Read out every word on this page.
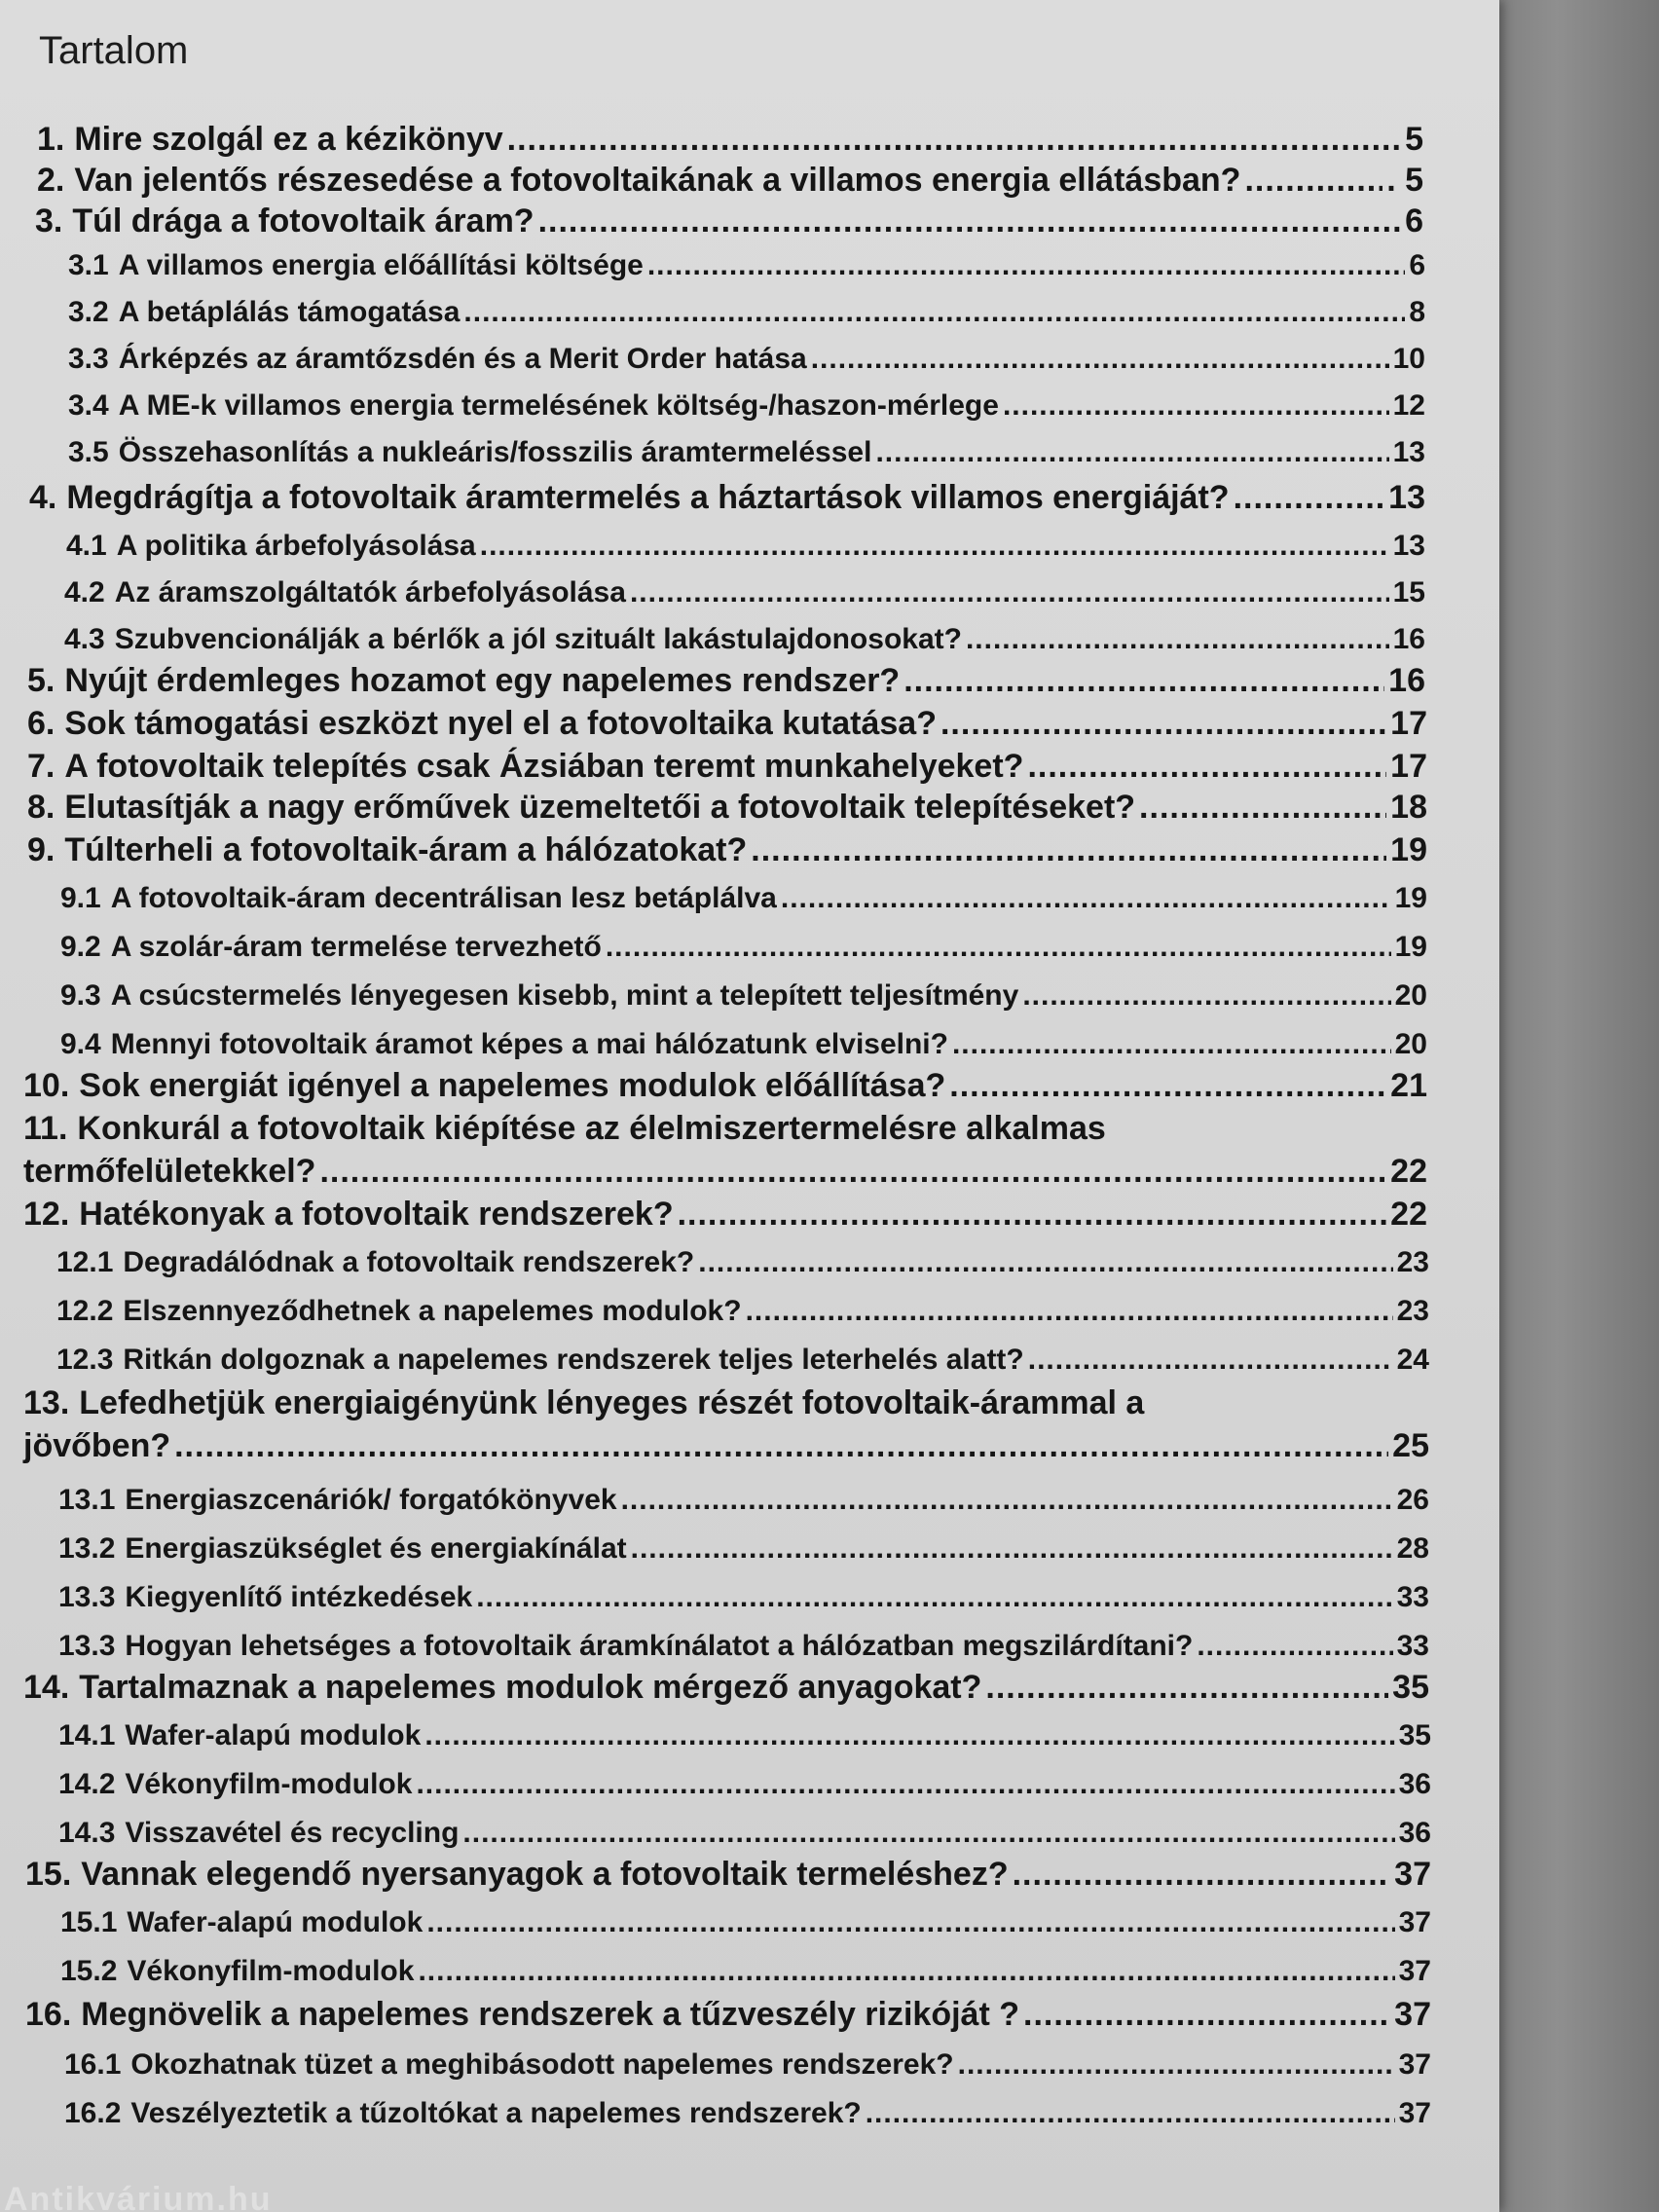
Tartalom
1. Mire szolgál ez a kézikönyv .....	5
2. Van jelentős részesedése a fotovoltaikának a villamos energia ellátásban? .....	. 5
3. Túl drága a fotovoltaik áram? .....	6
3.1 A villamos energia előállítási költsége .....	6
3.2 A betáplálás támogatása .....	8
3.3 Árképzés az áramtőzsdén és a Merit Order hatása .....	10
3.4 A ME-k villamos energia termelésének költség-/haszon-mérlege .....	12
3.5 Összehasonlítás a nukleáris/fosszilis áramtermeléssel .....	13
4. Megdrágítja a fotovoltaik áramtermelés a háztartások villamos energiáját? .....	13
4.1 A politika árbefolyásolása .....	13
4.2 Az áramszolgáltatók árbefolyásolása .....	15
4.3 Szubvencionálják a bérlők a jól szituált lakástulajdonosokat? .....	16
5. Nyújt érdemleges hozamot egy napelemes rendszer? .....	16
6. Sok támogatási eszközt nyel el a fotovoltaika kutatása? .....	17
7. A fotovoltaik telepítés csak Ázsiában teremt munkahelyeket? .....	17
8. Elutasítják a nagy erőművek üzemeltetői a fotovoltaik telepítéseket? .....	18
9. Túlterheli a fotovoltaik-áram a hálózatokat? .....	19
9.1 A fotovoltaik-áram decentrálisan lesz betáplálva .....	19
9.2 A szolár-áram termelése tervezhető .....	19
9.3 A csúcstermelés lényegesen kisebb, mint a telepített teljesítmény .....	20
9.4 Mennyi fotovoltaik áramot képes a mai hálózatunk elviselni? .....	20
10. Sok energiát igényel a napelemes modulok előállítása? .....	21
11. Konkurál a fotovoltaik kiépítése az élelmiszertermelésre alkalmas
termőfelületekkel? .....	22
12. Hatékonyak a fotovoltaik rendszerek? .....	22
12.1 Degradálódnak a fotovoltaik rendszerek? .....	23
12.2 Elszennyeződhetnek a napelemes modulok? .....	23
12.3 Ritkán dolgoznak a napelemes rendszerek teljes leterhelés alatt? .....	24
13. Lefedhetjük energiaigényünk lényeges részét fotovoltaik-árammal a
jövőben? .....	25
13.1 Energiaszcenáriók/ forgatókönyvek .....	26
13.2 Energiaszükséglet és energiakínálat .....	28
13.3 Kiegyenlítő intézkedések .....	33
13.3 Hogyan lehetséges a fotovoltaik áramkínálatot a hálózatban megszilárdítani? .....	33
14. Tartalmaznak a napelemes modulok mérgező anyagokat? .....	35
14.1 Wafer-alapú modulok .....	35
14.2 Vékonyfilm-modulok .....	36
14.3 Visszavétel és recycling .....	36
15. Vannak elegendő nyersanyagok a fotovoltaik termeléshez? .....	37
15.1 Wafer-alapú modulok .....	37
15.2 Vékonyfilm-modulok .....	37
16. Megnövelik a napelemes rendszerek a tűzveszély rizikóját ? .....	37
16.1 Okozhatnak tüzet a meghibásodott napelemes rendszerek? .....	37
16.2 Veszélyeztetik a tűzoltókat a napelemes rendszerek? .....	37
Antikvárium.hu
